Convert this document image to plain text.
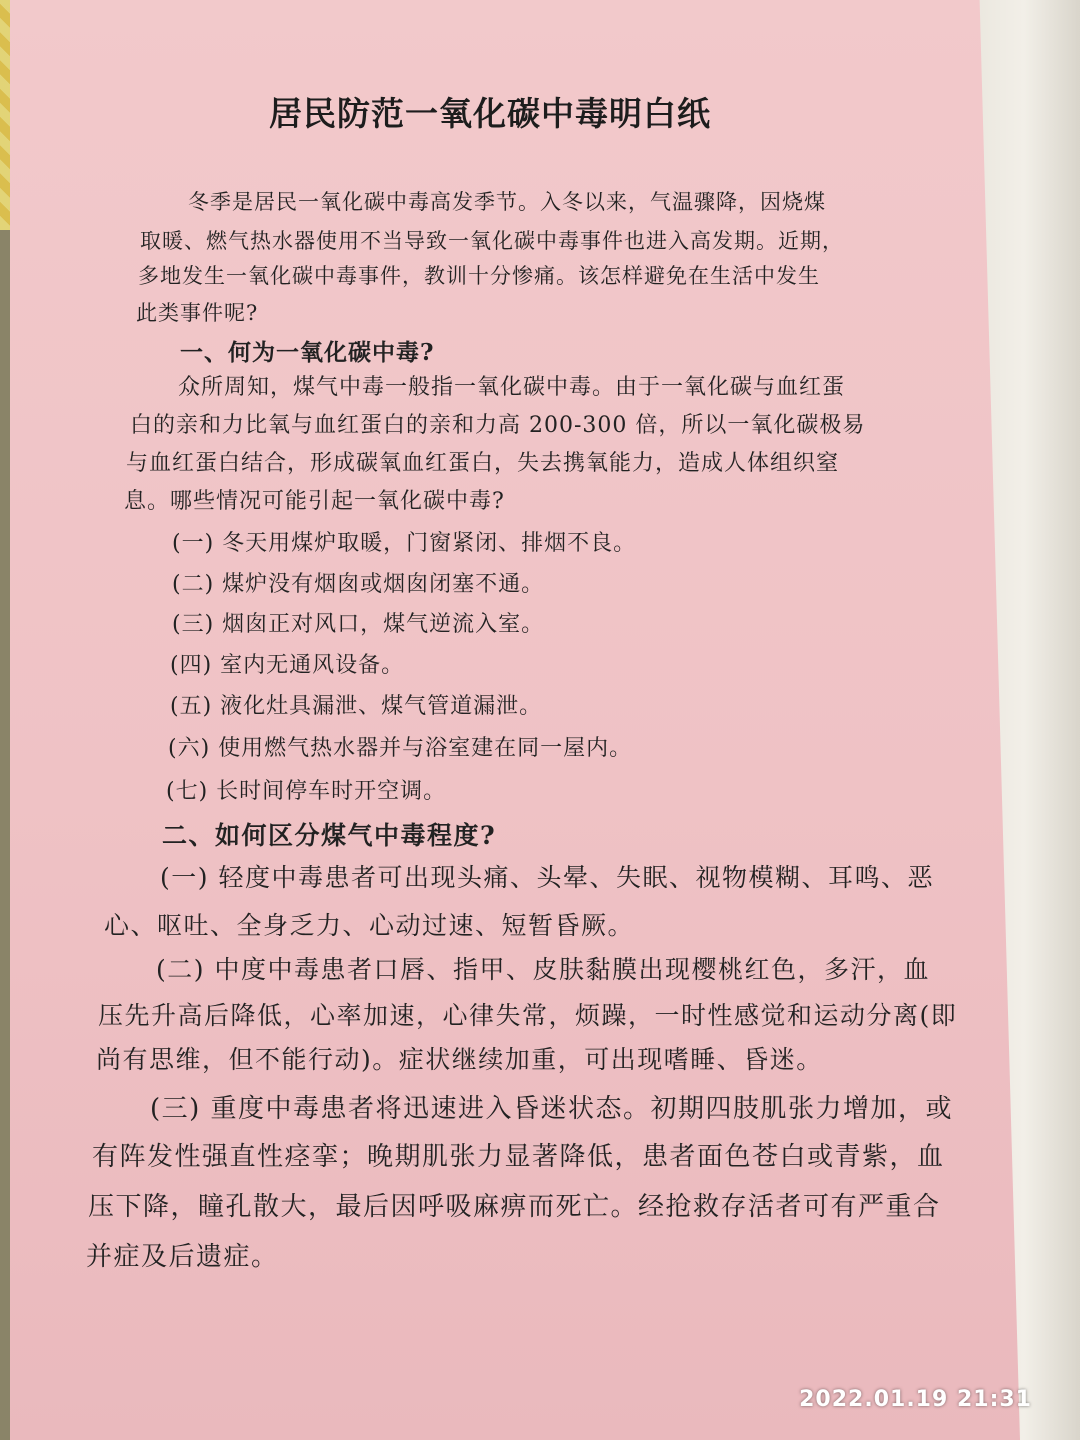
居民防范一氧化碳中毒明白纸
冬季是居民一氧化碳中毒高发季节。入冬以来，气温骤降，因烧煤
取暖、燃气热水器使用不当导致一氧化碳中毒事件也进入高发期。近期，
多地发生一氧化碳中毒事件，教训十分惨痛。该怎样避免在生活中发生
此类事件呢?
一、何为一氧化碳中毒?
众所周知，煤气中毒一般指一氧化碳中毒。由于一氧化碳与血红蛋
白的亲和力比氧与血红蛋白的亲和力高 200-300 倍，所以一氧化碳极易
与血红蛋白结合，形成碳氧血红蛋白，失去携氧能力，造成人体组织窒
息。哪些情况可能引起一氧化碳中毒?
(一) 冬天用煤炉取暖，门窗紧闭、排烟不良。
(二) 煤炉没有烟囱或烟囱闭塞不通。
(三) 烟囱正对风口，煤气逆流入室。
(四) 室内无通风设备。
(五) 液化灶具漏泄、煤气管道漏泄。
(六) 使用燃气热水器并与浴室建在同一屋内。
(七) 长时间停车时开空调。
二、如何区分煤气中毒程度?
(一) 轻度中毒患者可出现头痛、头晕、失眠、视物模糊、耳鸣、恶
心、呕吐、全身乏力、心动过速、短暂昏厥。
(二) 中度中毒患者口唇、指甲、皮肤黏膜出现樱桃红色，多汗，血
压先升高后降低，心率加速，心律失常，烦躁，一时性感觉和运动分离(即
尚有思维，但不能行动)。症状继续加重，可出现嗜睡、昏迷。
(三) 重度中毒患者将迅速进入昏迷状态。初期四肢肌张力增加，或
有阵发性强直性痉挛；晚期肌张力显著降低，患者面色苍白或青紫，血
压下降，瞳孔散大，最后因呼吸麻痹而死亡。经抢救存活者可有严重合
并症及后遗症。
2022.01.19 21:31
